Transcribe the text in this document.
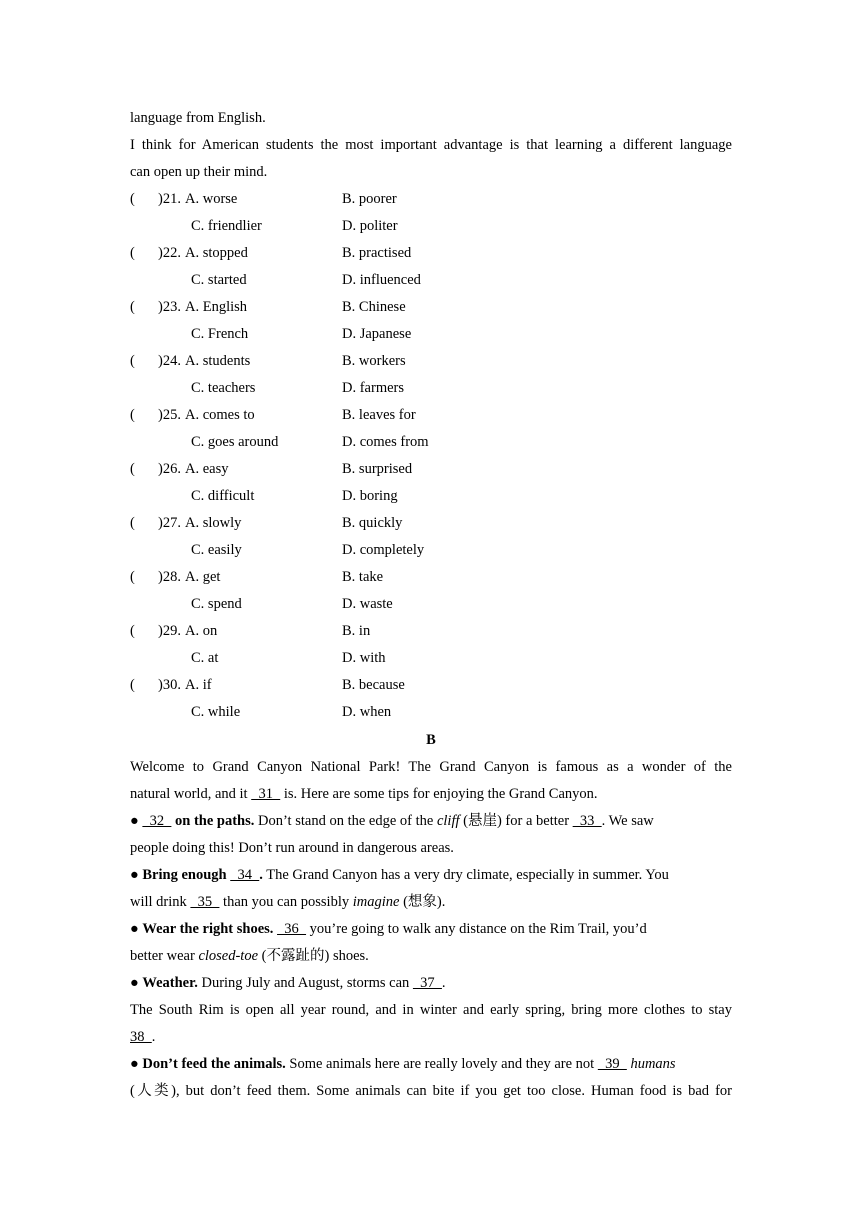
language from English.
I think for American students the most important advantage is that learning a different language
can open up their mind.
( )21. A. worse	B. poorer
C. friendlier	D. politer
( )22. A. stopped	B. practised
C. started	D. influenced
( )23. A. English	B. Chinese
C. French	D. Japanese
( )24. A. students	B. workers
C. teachers	D. farmers
( )25. A. comes to	B. leaves for
C. goes around	D. comes from
( )26. A. easy	B. surprised
C. difficult	D. boring
( )27. A. slowly	B. quickly
C. easily	D. completely
( )28. A. get	B. take
C. spend	D. waste
( )29. A. on	B. in
C. at	D. with
( )30. A. if	B. because
C. while	D. when
B
Welcome to Grand Canyon National Park! The Grand Canyon is famous as a wonder of the
natural world, and it   31   is. Here are some tips for enjoying the Grand Canyon.
●   32   on the paths. Don’t stand on the edge of the cliff (悬崖) for a better   33  . We saw
people doing this! Don’t run around in dangerous areas.
● Bring enough   34  . The Grand Canyon has a very dry climate, especially in summer. You
will drink   35   than you can possibly imagine (想象).
● Wear the right shoes.   36   you’re going to walk any distance on the Rim Trail, you’d
better wear closed-toe (不露趾的) shoes.
● Weather. During July and August, storms can   37  .
The South Rim is open all year round, and in winter and early spring, bring more clothes to stay
38  .
● Don’t feed the animals. Some animals here are really lovely and they are not   39   humans
(人类), but don’t feed them. Some animals can bite if you get too close. Human food is bad for
